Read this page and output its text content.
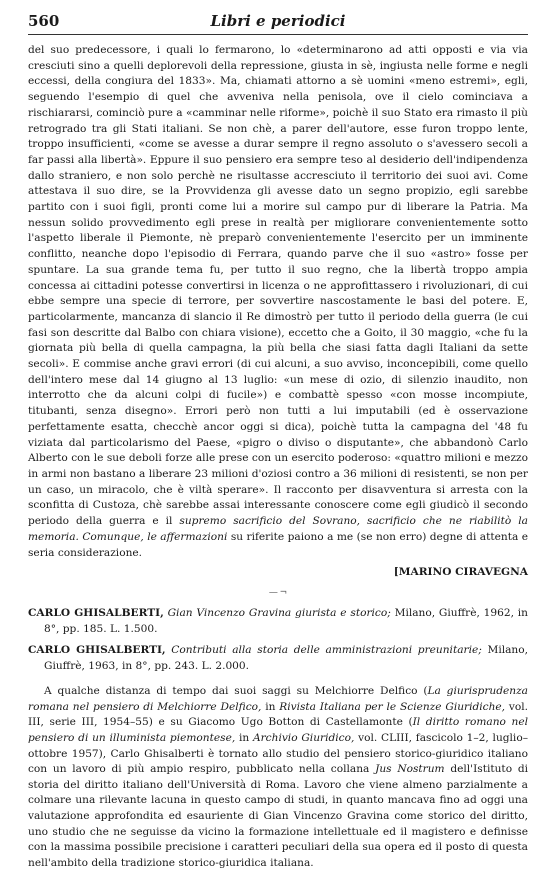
560	Libri e periodici

del suo predecessore, i quali lo fermarono, lo «determinarono ad atti opposti e via via cresciuti sino a quelli deplorevoli della repressione, giusta in sè, ingiusta nelle forme e negli eccessi, della congiura del 1833». Ma, chiamati attorno a sè uomini «meno estremi», egli, seguendo l'esempio di quel che avveniva nella penisola, ove il cielo cominciava a rischiararsi, cominciò pure a «camminar nelle riforme», poichè il suo Stato era rimasto il più retrogrado tra gli Stati italiani. Se non chè, a parer dell'autore, esse furon troppo lente, troppo insufficienti, «come se avesse a durar sempre il regno assoluto o s'avessero secoli a far passi alla libertà». Eppure il suo pensiero era sempre teso al desiderio dell'indipendenza dallo straniero, e non solo perchè ne risultasse accresciuto il territorio dei suoi avi. Come attestava il suo dire, se la Provvidenza gli avesse dato un segno propizio, egli sarebbe partito con i suoi figli, pronti come lui a morire sul campo pur di liberare la Patria. Ma nessun solido provvedimento egli prese in realtà per migliorare convenientemente sotto l'aspetto liberale il Piemonte, nè preparò convenientemente l'esercito per un imminente conflitto, neanche dopo l'episodio di Ferrara, quando parve che il suo «astro» fosse per spuntare. La sua grande tema fu, per tutto il suo regno, che la libertà troppo ampia concessa ai cittadini potesse convertirsi in licenza o ne approfittassero i rivoluzionari, di cui ebbe sempre una specie di terrore, per sovvertire nascostamente le basi del potere. E, particolarmente, mancanza di slancio il Re dimostrò per tutto il periodo della guerra (le cui fasi son descritte dal Balbo con chiara visione), eccetto che a Goito, il 30 maggio, «che fu la giornata più bella di quella campagna, la più bella che siasi fatta dagli Italiani da sette secoli». E commise anche gravi errori (di cui alcuni, a suo avviso, inconcepibili, come quello dell'intero mese dal 14 giugno al 13 luglio: «un mese di ozio, di silenzio inaudito, non interrotto che da alcuni colpi di fucile») e combattè spesso «con mosse incompiute, titubanti, senza disegno». Errori però non tutti a lui imputabili (ed è osservazione perfettamente esatta, checchè ancor oggi si dica), poichè tutta la campagna del '48 fu viziata dal particolarismo del Paese, «pigro o diviso o disputante», che abbandonò Carlo Alberto con le sue deboli forze alle prese con un esercito poderoso: «quattro milioni e mezzo in armi non bastano a liberare 23 milioni d'oziosi contro a 36 milioni di resistenti, se non per un caso, un miracolo, che è viltà sperare». Il racconto per disavventura si arresta con la sconfitta di Custoza, chè sarebbe assai interessante conoscere come egli giudicò il secondo periodo della guerra e il supremo sacrificio del Sovrano, sacrificio che ne riabilitò la memoria. Comunque, le affermazioni su riferite paiono a me (se non erro) degne di attenta e seria considerazione.

[MARINO CIRAVEGNA
—  ¬
CARLO GHISALBERTI, Gian Vincenzo Gravina giurista e storico; Milano, Giuffrè, 1962, in 8°, pp. 185. L. 1.500.
CARLO GHISALBERTI, Contributi alla storia delle amministrazioni preunitarie; Milano, Giuffrè, 1963, in 8°, pp. 243. L. 2.000.
A qualche distanza di tempo dai suoi saggi su Melchiorre Delfico (La giurisprudenza romana nel pensiero di Melchiorre Delfico, in Rivista Italiana per le Scienze Giuridiche, vol. III, serie III, 1954–55) e su Giacomo Ugo Botton di Castellamonte (Il diritto romano nel pensiero di un illuminista piemontese, in Archivio Giuridico, vol. CLIII, fascicolo 1–2, luglio–ottobre 1957), Carlo Ghisalberti è tornato allo studio del pensiero storico-giuridico italiano con un lavoro di più ampio respiro, pubblicato nella collana Jus Nostrum dell'Istituto di storia del diritto italiano dell'Università di Roma. Lavoro che viene almeno parzialmente a colmare una rilevante lacuna in questo campo di studi, in quanto mancava fino ad oggi una valutazione approfondita ed esauriente di Gian Vincenzo Gravina come storico del diritto, uno studio che ne seguisse da vicino la formazione intellettuale ed il magistero e definisse con la massima possibile precisione i caratteri peculiari della sua opera ed il posto di questa nell'ambito della tradizione storico-giuridica italiana.
